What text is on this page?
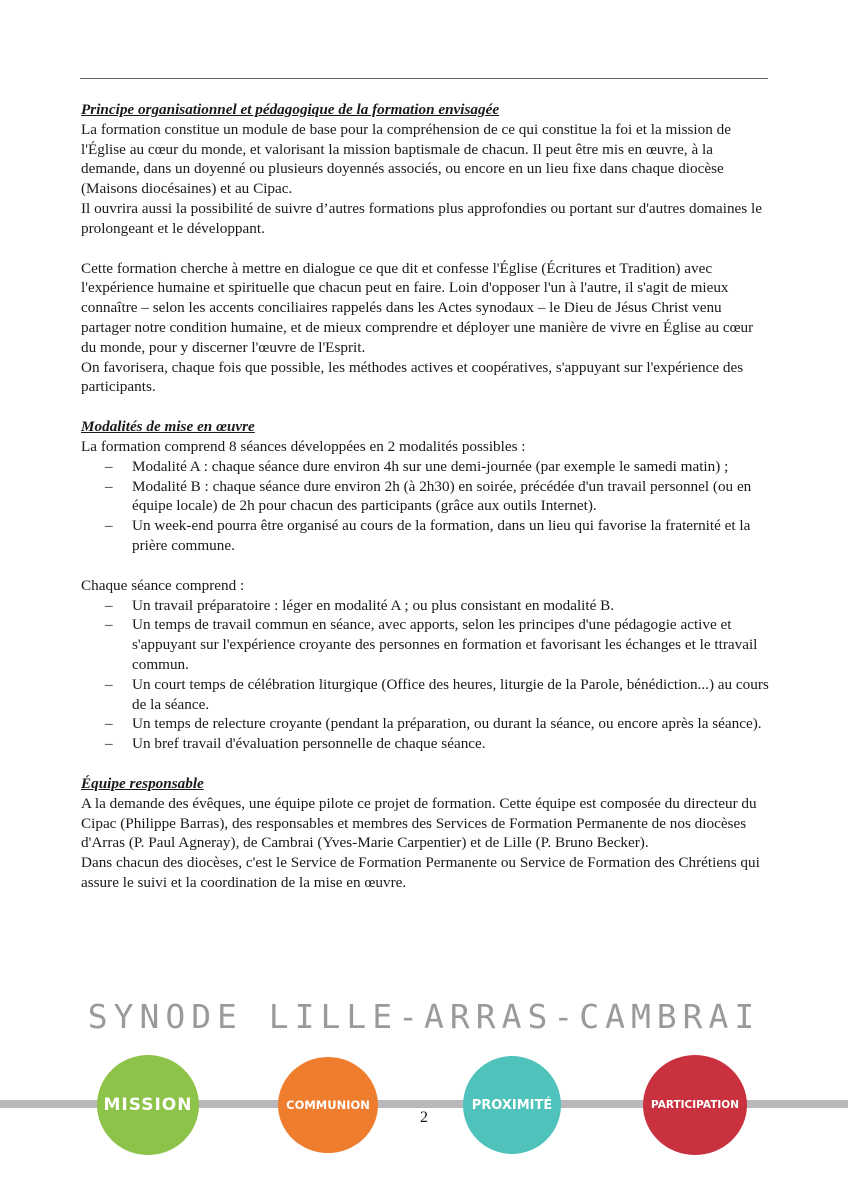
Principe organisationnel et pédagogique de la formation envisagée

La formation constitue un module de base pour la compréhension de ce qui constitue la foi et la mission de l'Église au cœur du monde, et valorisant la mission baptismale de chacun. Il peut être mis en œuvre, à la demande, dans un doyenné ou plusieurs doyennés associés, ou encore en un lieu fixe dans chaque diocèse (Maisons diocésaines) et au Cipac.

Il ouvrira aussi la possibilité de suivre d’autres formations plus approfondies ou portant sur d'autres domaines le prolongeant et le développant.

Cette formation cherche à mettre en dialogue ce que dit et confesse l'Église (Écritures et Tradition) avec l'expérience humaine et spirituelle que chacun peut en faire. Loin d'opposer l'un à l'autre, il s'agit de mieux connaître – selon les accents conciliaires rappelés dans les Actes synodaux – le Dieu de Jésus Christ venu partager notre condition humaine, et de mieux comprendre et déployer une manière de vivre en Église au cœur du monde, pour y discerner l'œuvre de l'Esprit.

On favorisera, chaque fois que possible, les méthodes actives et coopératives, s'appuyant sur l'expérience des participants.

Modalités de mise en œuvre

La formation comprend 8 séances développées en 2 modalités possibles :

– Modalité A : chaque séance dure environ 4h sur une demi-journée (par exemple le samedi matin) ;
– Modalité B : chaque séance dure environ 2h (à 2h30) en soirée, précédée d'un travail personnel (ou en équipe locale) de 2h pour chacun des participants (grâce aux outils Internet).
– Un week-end pourra être organisé au cours de la formation, dans un lieu qui favorise la fraternité et la prière commune.

Chaque séance comprend :

– Un travail préparatoire : léger en modalité A ; ou plus consistant en modalité B.
– Un temps de travail commun en séance, avec apports, selon les principes d'une pédagogie active et s'appuyant sur l'expérience croyante des personnes en formation et favorisant les échanges et le ttravail commun.
– Un court temps de célébration liturgique (Office des heures, liturgie de la Parole, bénédiction...) au cours de la séance.
– Un temps de relecture croyante (pendant la préparation, ou durant la séance, ou encore après la séance).
– Un bref travail d'évaluation personnelle de chaque séance.

Équipe responsable

A la demande des évêques, une équipe pilote ce projet de formation. Cette équipe est composée du directeur du Cipac (Philippe Barras), des responsables et membres des Services de Formation Permanente de nos diocèses d'Arras (P. Paul Agneray), de Cambrai (Yves-Marie Carpentier) et de Lille (P. Bruno Becker).

Dans chacun des diocèses, c'est le Service de Formation Permanente ou Service de Formation des Chrétiens qui assure le suivi et la coordination de la mise en œuvre.

SYNODE LILLE-ARRAS-CAMBRAI
MISSION	COMMUNION	PROXIMITÉ	PARTICIPATION
2
